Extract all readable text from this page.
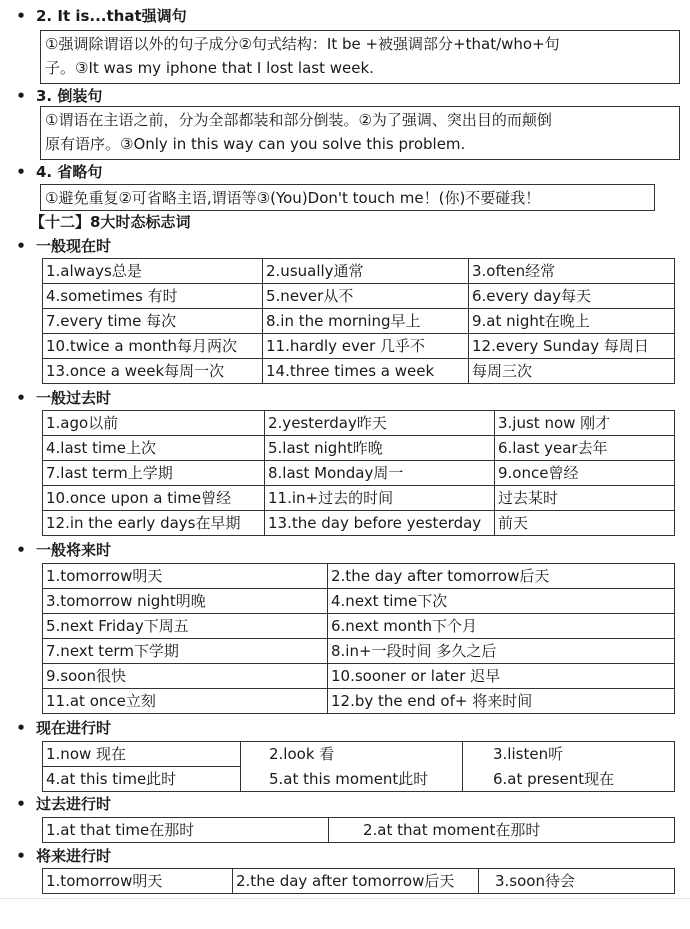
• 2. It is...that强调句
①强调除谓语以外的句子成分②句式结构：It be +被强调部分+that/who+句
子。③It was my iphone that I lost last week.
• 3. 倒装句
①谓语在主语之前，分为全部都装和部分倒装。②为了强调、突出目的而颠倒
原有语序。③Only in this way can you solve this problem.
• 4. 省略句
①避免重复②可省略主语,谓语等③(You)Don't touch me！(你)不要碰我！
【十二】8大时态标志词
• 一般现在时
1.always总是	2.usually通常	3.often经常
4.sometimes 有时	5.never从不	6.every day每天
7.every time 每次	8.in the morning早上	9.at night在晚上
10.twice a month每月两次	11.hardly ever 几乎不	12.every Sunday 每周日
13.once a week每周一次	14.three times a week	每周三次
• 一般过去时
1.ago以前	2.yesterday昨天	3.just now 刚才
4.last time上次	5.last night昨晚	6.last year去年
7.last term上学期	8.last Monday周一	9.once曾经
10.once upon a time曾经	11.in+过去的时间	过去某时
12.in the early days在早期	13.the day before yesterday	前天
• 一般将来时
1.tomorrow明天	2.the day after tomorrow后天
3.tomorrow night明晚	4.next time下次
5.next Friday下周五	6.next month下个月
7.next term下学期	8.in+一段时间 多久之后
9.soon很快	10.sooner or later 迟早
11.at once立刻	12.by the end of+ 将来时间
• 现在进行时
1.now 现在	2.look 看	3.listen听
4.at this time此时	5.at this moment此时	6.at present现在
• 过去进行时
1.at that time在那时	2.at that moment在那时
• 将来进行时
1.tomorrow明天	2.the day after tomorrow后天	3.soon待会
